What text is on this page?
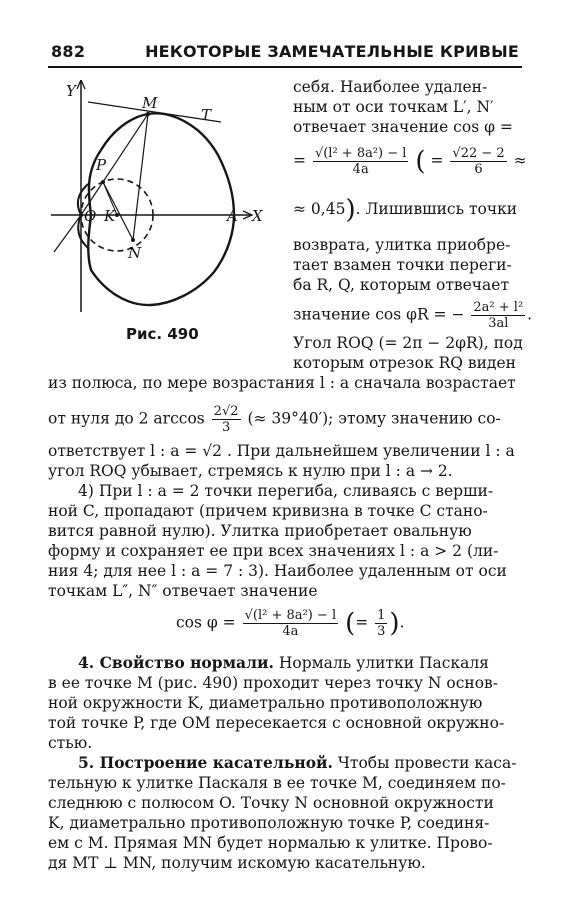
882	НЕКОТОРЫЕ ЗАМЕЧАТЕЛЬНЫЕ КРИВЫЕ
Y
M
T
P
O K	A X
N
Рис. 490
себя. Наиболее удален-
ным от оси точкам L′, N′
отвечает значение cos φ =
= $\frac{\text{√(l² + 8a²) − l}}{4a}$ ( = $\frac{√22 - 2}{6}$ ≈
≈ 0,45). Лишившись точки
возврата, улитка приобре-
тает взамен точки переги-
ба R, Q, которым отвечает
значение cos φR = − $\frac{\text{2a² + l²}}{3al}$ .
Угол ROQ (= 2π − 2φR), под
которым отрезок RQ виден
из полюса, по мере возрастания l : a сначала возрастает
от нуля до 2 $\arccos \frac{2√2}{3}$ (≈ 39°40′); этому значению со-
ответствует l : a = √2 . При дальнейшем увеличении l : a
угол ROQ убывает, стремясь к нулю при l : a → 2.
4) При l : a = 2 точки перегиба, сливаясь с верши-
ной C, пропадают (причем кривизна в точке C стано-
вится равной нулю). Улитка приобретает овальную
форму и сохраняет ее при всех значениях l : a > 2 (ли-
ния 4; для нее l : a = 7 : 3). Наиболее удаленным от оси
точкам L″, N″ отвечает значение
$\cos \varphi = \frac{\text{√(l² + 8a²) − l}}{4a}$ (= $\frac{1}{3}$ ).
4. Свойство нормали. Нормаль улитки Паскаля
в ее точке M (рис. 490) проходит через точку N основ-
ной окружности K, диаметрально противоположную
той точке P, где OM пересекается с основной окружно-
стью.
5. Построение касательной. Чтобы провести каса-
тельную к улитке Паскаля в ее точке M, соединяем по-
следнюю с полюсом O. Точку N основной окружности
K, диаметрально противоположную точке P, соединя-
ем с M. Прямая MN будет нормалью к улитке. Прово-
дя MT ⊥ MN, получим искомую касательную.
